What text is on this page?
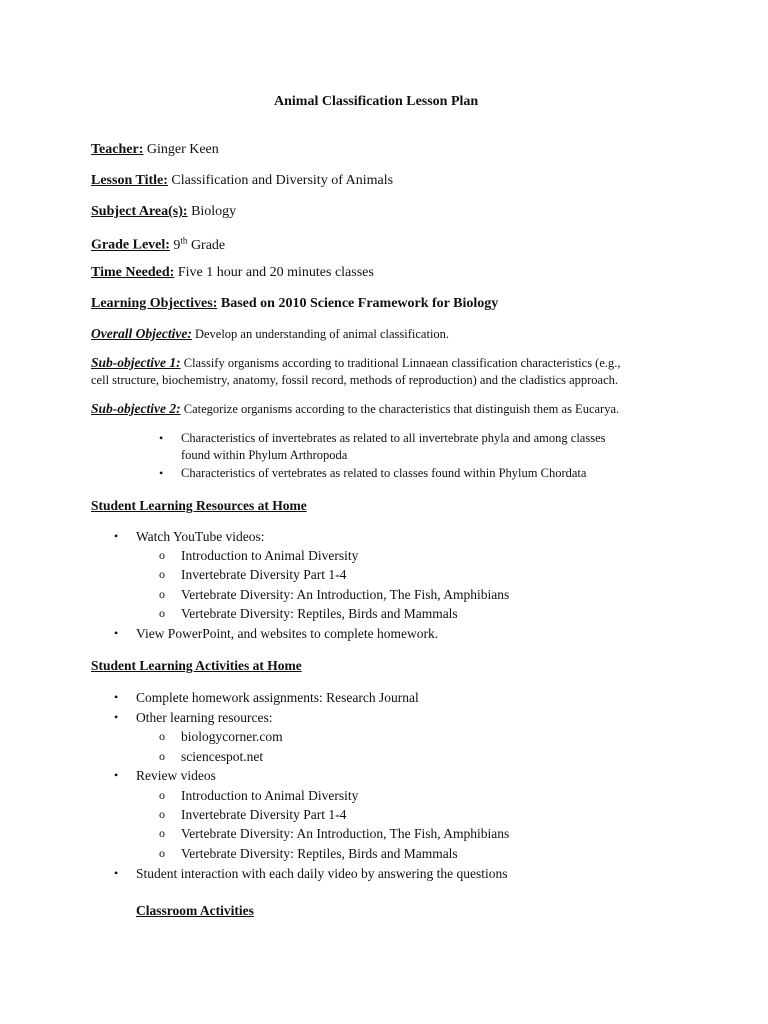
Animal Classification Lesson Plan
Teacher: Ginger Keen
Lesson Title: Classification and Diversity of Animals
Subject Area(s): Biology
Grade Level: 9th Grade
Time Needed: Five 1 hour and 20 minutes classes
Learning Objectives: Based on 2010 Science Framework for Biology
Overall Objective: Develop an understanding of animal classification.
Sub-objective 1: Classify organisms according to traditional Linnaean classification characteristics (e.g.,
cell structure, biochemistry, anatomy, fossil record, methods of reproduction) and the cladistics approach.
Sub-objective 2: Categorize organisms according to the characteristics that distinguish them as Eucarya.
• Characteristics of invertebrates as related to all invertebrate phyla and among classes
found within Phylum Arthropoda
• Characteristics of vertebrates as related to classes found within Phylum Chordata
Student Learning Resources at Home
• Watch YouTube videos:
o Introduction to Animal Diversity
o Invertebrate Diversity Part 1-4
o Vertebrate Diversity: An Introduction, The Fish, Amphibians
o Vertebrate Diversity: Reptiles, Birds and Mammals
• View PowerPoint, and websites to complete homework.
Student Learning Activities at Home
• Complete homework assignments: Research Journal
• Other learning resources:
o biologycorner.com
o sciencespot.net
• Review videos
o Introduction to Animal Diversity
o Invertebrate Diversity Part 1-4
o Vertebrate Diversity: An Introduction, The Fish, Amphibians
o Vertebrate Diversity: Reptiles, Birds and Mammals
• Student interaction with each daily video by answering the questions
Classroom Activities
